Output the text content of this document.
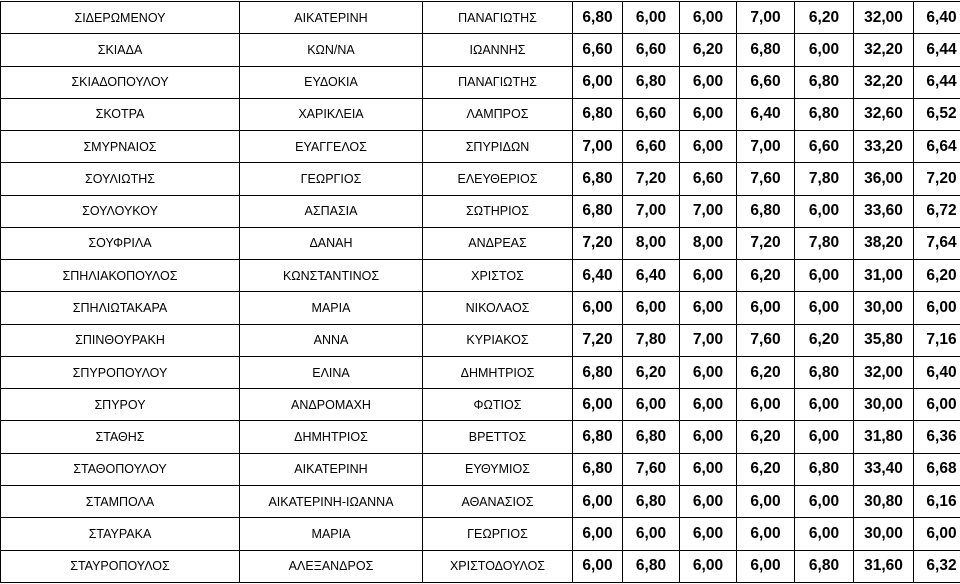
ΣΙΔΕΡΩΜΕΝΟΥ	ΑΙΚΑΤΕΡΙΝΗ	ΠΑΝΑΓΙΩΤΗΣ	6,80	6,00	6,00	7,00	6,20	32,00	6,40
ΣΚΙΑΔΑ	ΚΩΝ/ΝΑ	ΙΩΑΝΝΗΣ	6,60	6,60	6,20	6,80	6,00	32,20	6,44
ΣΚΙΑΔΟΠΟΥΛΟΥ	ΕΥΔΟΚΙΑ	ΠΑΝΑΓΙΩΤΗΣ	6,00	6,80	6,00	6,60	6,80	32,20	6,44
ΣΚΟΤΡΑ	ΧΑΡΙΚΛΕΙΑ	ΛΑΜΠΡΟΣ	6,80	6,60	6,00	6,40	6,80	32,60	6,52
ΣΜΥΡΝΑΙΟΣ	ΕΥΑΓΓΕΛΟΣ	ΣΠΥΡΙΔΩΝ	7,00	6,60	6,00	7,00	6,60	33,20	6,64
ΣΟΥΛΙΩΤΗΣ	ΓΕΩΡΓΙΟΣ	ΕΛΕΥΘΕΡΙΟΣ	6,80	7,20	6,60	7,60	7,80	36,00	7,20
ΣΟΥΛΟΥΚΟΥ	ΑΣΠΑΣΙΑ	ΣΩΤΗΡΙΟΣ	6,80	7,00	7,00	6,80	6,00	33,60	6,72
ΣΟΥΦΡΙΛΑ	ΔΑΝΑΗ	ΑΝΔΡΕΑΣ	7,20	8,00	8,00	7,20	7,80	38,20	7,64
ΣΠΗΛΙΑΚΟΠΟΥΛΟΣ	ΚΩΝΣΤΑΝΤΙΝΟΣ	ΧΡΙΣΤΟΣ	6,40	6,40	6,00	6,20	6,00	31,00	6,20
ΣΠΗΛΙΩΤΑΚΑΡΑ	ΜΑΡΙΑ	ΝΙΚΟΛΑΟΣ	6,00	6,00	6,00	6,00	6,00	30,00	6,00
ΣΠΙΝΘΟΥΡΑΚΗ	ΑΝΝΑ	ΚΥΡΙΑΚΟΣ	7,20	7,80	7,00	7,60	6,20	35,80	7,16
ΣΠΥΡΟΠΟΥΛΟΥ	ΕΛΙΝΑ	ΔΗΜΗΤΡΙΟΣ	6,80	6,20	6,00	6,20	6,80	32,00	6,40
ΣΠΥΡΟΥ	ΑΝΔΡΟΜΑΧΗ	ΦΩΤΙΟΣ	6,00	6,00	6,00	6,00	6,00	30,00	6,00
ΣΤΑΘΗΣ	ΔΗΜΗΤΡΙΟΣ	ΒΡΕΤΤΟΣ	6,80	6,80	6,00	6,20	6,00	31,80	6,36
ΣΤΑΘΟΠΟΥΛΟΥ	ΑΙΚΑΤΕΡΙΝΗ	ΕΥΘΥΜΙΟΣ	6,80	7,60	6,00	6,20	6,80	33,40	6,68
ΣΤΑΜΠΟΛΑ	ΑΙΚΑΤΕΡΙΝΗ-ΙΩΑΝΝΑ	ΑΘΑΝΑΣΙΟΣ	6,00	6,80	6,00	6,00	6,00	30,80	6,16
ΣΤΑΥΡΑΚΑ	ΜΑΡΙΑ	ΓΕΩΡΓΙΟΣ	6,00	6,00	6,00	6,00	6,00	30,00	6,00
ΣΤΑΥΡΟΠΟΥΛΟΣ	ΑΛΕΞΑΝΔΡΟΣ	ΧΡΙΣΤΟΔΟΥΛΟΣ	6,00	6,80	6,00	6,00	6,80	31,60	6,32
